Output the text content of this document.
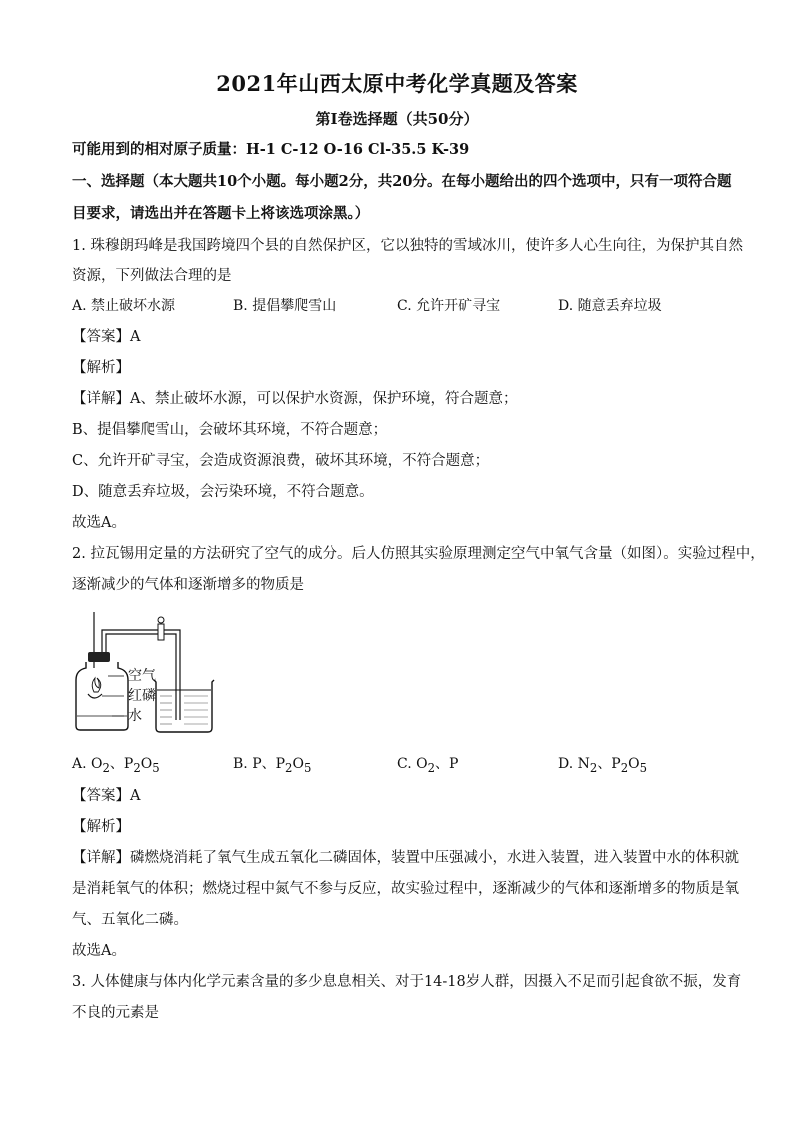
2021年山西太原中考化学真题及答案
第Ⅰ卷选择题（共50分）
可能用到的相对原子质量：H-1 C-12 O-16 Cl-35.5 K-39
一、选择题（本大题共10个小题。每小题2分，共20分。在每小题给出的四个选项中，只有一项符合题
目要求，请选出并在答题卡上将该选项涂黑。）
1. 珠穆朗玛峰是我国跨境四个县的自然保护区，它以独特的雪域冰川，使许多人心生向往，为保护其自然
资源，下列做法合理的是
A. 禁止破坏水源	B. 提倡攀爬雪山	C. 允许开矿寻宝	D. 随意丢弃垃圾
【答案】A
【解析】
【详解】A、禁止破坏水源，可以保护水资源，保护环境，符合题意；
B、提倡攀爬雪山，会破坏其环境，不符合题意；
C、允许开矿寻宝，会造成资源浪费，破坏其环境，不符合题意；
D、随意丢弃垃圾，会污染环境，不符合题意。
故选A。
2. 拉瓦锡用定量的方法研究了空气的成分。后人仿照其实验原理测定空气中氧气含量（如图）。实验过程中，
逐渐减少的气体和逐渐增多的物质是
空气
红磷
水
A. $O_2$、$P_2O_5$	B. P、$P_2O_5$	C. $O_2$、P	D. $N_2$、$P_2O_5$
【答案】A
【解析】
【详解】磷燃烧消耗了氧气生成五氧化二磷固体，装置中压强减小，水进入装置，进入装置中水的体积就
是消耗氧气的体积；燃烧过程中氮气不参与反应，故实验过程中，逐渐减少的气体和逐渐增多的物质是氧
气、五氧化二磷。
故选A。
3. 人体健康与体内化学元素含量的多少息息相关、对于14-18岁人群，因摄入不足而引起食欲不振，发育
不良的元素是
